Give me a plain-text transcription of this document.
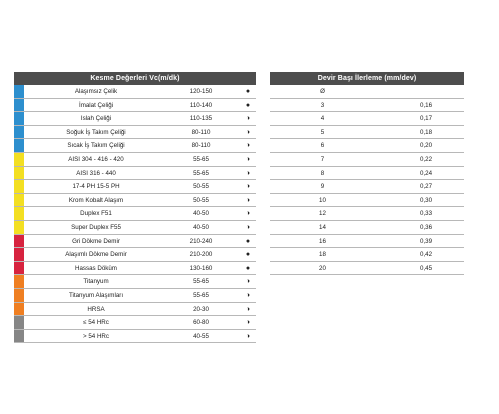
Kesme Değerleri Vc(m/dk)
Alaşımsız Çelik	120-150	●
İmalat Çeliği	110-140	●
Islah Çeliği	110-135	◑
Soğuk İş Takım Çeliği	80-110	◑
Sıcak İş Takım Çeliği	80-110	◑
AISI 304 - 416 - 420	55-65	◑
AISI 316 - 440	55-65	◑
17-4 PH 15-5 PH	50-55	◑
Krom Kobalt Alaşım	50-55	◑
Duplex F51	40-50	◑
Super Duplex F55	40-50	◑
Gri Dökme Demir	210-240	●
Alaşımlı Dökme Demir	210-200	●
Hassas Döküm	130-160	●
Titanyum	55-65	◑
Titanyum Alaşımları	55-65	◑
HRSA	20-30	◑
≤ 54 HRc	60-80	◑
> 54 HRc	40-55	◑
Devir Başı İlerleme (mm/dev)
Ø
3	0,16
4	0,17
5	0,18
6	0,20
7	0,22
8	0,24
9	0,27
10	0,30
12	0,33
14	0,36
16	0,39
18	0,42
20	0,45
